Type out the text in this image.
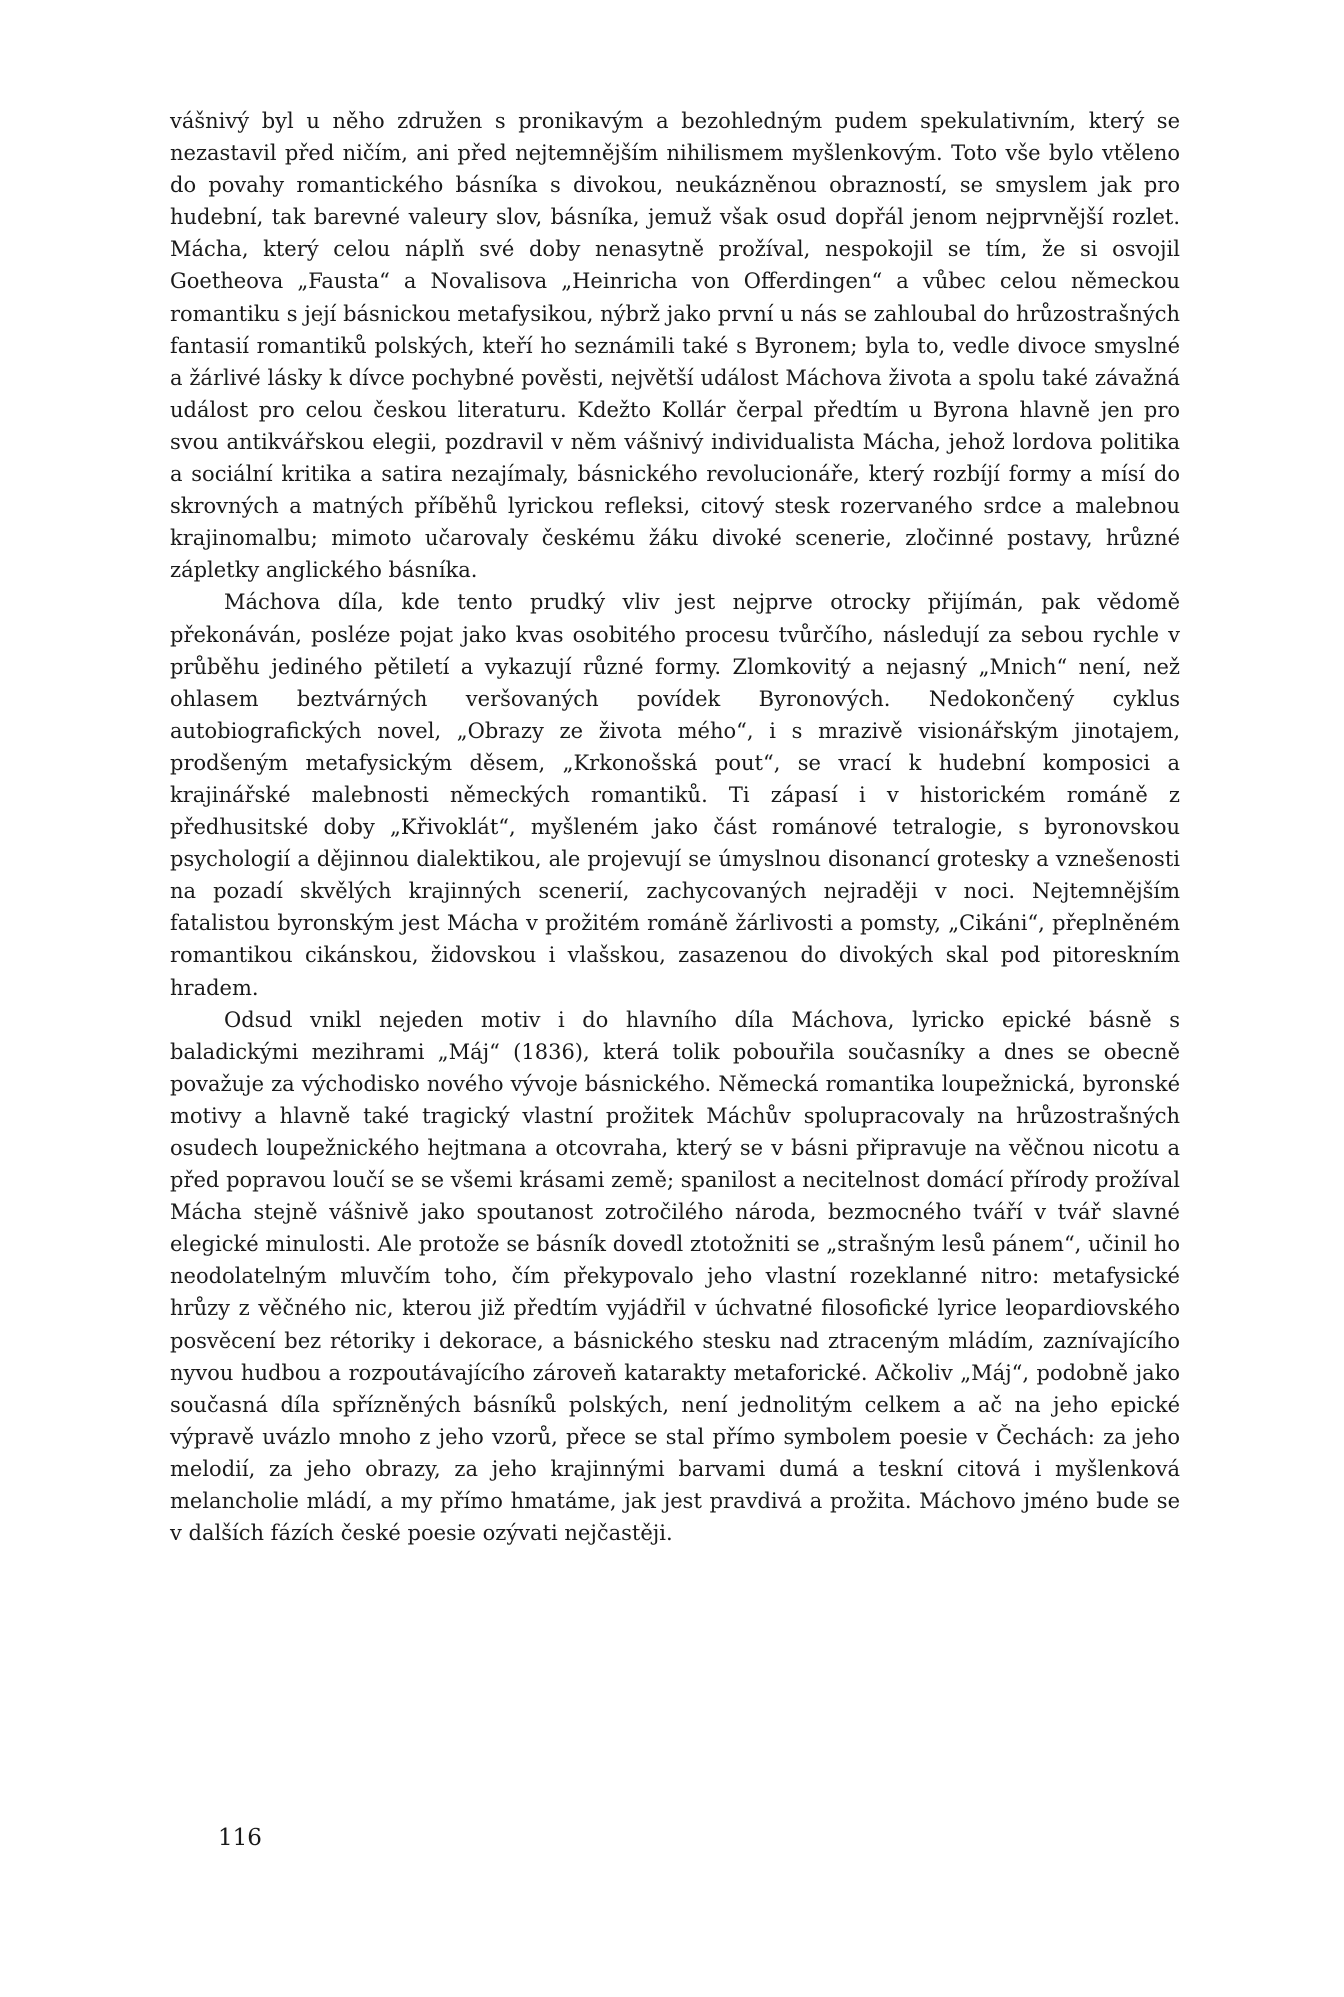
vášnivý byl u něho združen s pronikavým a bezohledným pudem spekulativním, který se nezastavil před ničím, ani před nejtemnějším nihilismem myšlenkovým. Toto vše bylo vtěleno do povahy romantického básníka s divokou, neukázněnou obrazností, se smyslem jak pro hudební, tak barevné valeury slov, básníka, jemuž však osud dopřál jenom nejprvnější rozlet. Mácha, který celou náplň své doby nenasytně prožíval, nespokojil se tím, že si osvojil Goetheova „Fausta“ a Novalisova „Heinricha von Offerdingen“ a vůbec celou německou romantiku s její básnickou metafysikou, nýbrž jako první u nás se zahloubal do hrůzostrašných fantasií romantiků polských, kteří ho seznámili také s Byronem; byla to, vedle divoce smyslné a žárlivé lásky k dívce pochybné pověsti, největší událost Máchova života a spolu také závažná událost pro celou českou literaturu. Kdežto Kollár čerpal předtím u Byrona hlavně jen pro svou antikvářskou elegii, pozdravil v něm vášnivý individualista Mácha, jehož lordova politika a sociální kritika a satira nezajímaly, básnického revolucionáře, který rozbíjí formy a mísí do skrovných a matných příběhů lyrickou refleksi, citový stesk rozervaného srdce a malebnou krajinomalbu; mimoto učarovaly českému žáku divoké scenerie, zločinné postavy, hrůzné zápletky anglického básníka.

Máchova díla, kde tento prudký vliv jest nejprve otrocky přijímán, pak vědomě překonáván, posléze pojat jako kvas osobitého procesu tvůrčího, následují za sebou rychle v průběhu jediného pětiletí a vykazují různé formy. Zlomkovitý a nejasný „Mnich“ není, než ohlasem beztvárných veršovaných povídek Byronových. Nedokončený cyklus autobiografických novel, „Obrazy ze života mého“, i s mrazivě visionářským jinotajem, prodšeným metafysickým děsem, „Krkonošská pout“, se vrací k hudební komposici a krajinářské malebnosti německých romantiků. Ti zápasí i v historickém románě z předhusitské doby „Křivoklát“, myšleném jako část románové tetralogie, s byronovskou psychologií a dějinnou dialektikou, ale projevují se úmyslnou disonancí grotesky a vznešenosti na pozadí skvělých krajinných scenerií, zachycovaných nejraději v noci. Nejtemnějším fatalistou byronským jest Mácha v prožitém románě žárlivosti a pomsty, „Cikáni“, přeplněném romantikou cikánskou, židovskou i vlašskou, zasazenou do divokých skal pod pitoreskním hradem.

Odsud vnikl nejeden motiv i do hlavního díla Máchova, lyricko epické básně s baladickými mezihrami „Máj“ (1836), která tolik pobouřila současníky a dnes se obecně považuje za východisko nového vývoje básnického. Německá romantika loupežnická, byronské motivy a hlavně také tragický vlastní prožitek Máchův spolupracovaly na hrůzostrašných osudech loupežnického hejtmana a otcovraha, který se v básni připravuje na věčnou nicotu a před popravou loučí se se všemi krásami země; spanilost a necitelnost domácí přírody prožíval Mácha stejně vášnivě jako spoutanost zotročilého národa, bezmocného tváří v tvář slavné elegické minulosti. Ale protože se básník dovedl ztotožniti se „strašným lesů pánem“, učinil ho neodolatelným mluvčím toho, čím překypovalo jeho vlastní rozeklanné nitro: metafysické hrůzy z věčného nic, kterou již předtím vyjádřil v úchvatné filosofické lyrice leopardiovského posvěcení bez rétoriky i dekorace, a básnického stesku nad ztraceným mládím, zaznívajícího nyvou hudbou a rozpoutávajícího zároveň katarakty metaforické. Ačkoliv „Máj“, podobně jako současná díla spřízněných básníků polských, není jednolitým celkem a ač na jeho epické výpravě uvázlo mnoho z jeho vzorů, přece se stal přímo symbolem poesie v Čechách: za jeho melodií, za jeho obrazy, za jeho krajinnými barvami dumá a teskní citová i myšlenková melancholie mládí, a my přímo hmatáme, jak jest pravdivá a prožita. Máchovo jméno bude se v dalších fázích české poesie ozývati nejčastěji.

116
